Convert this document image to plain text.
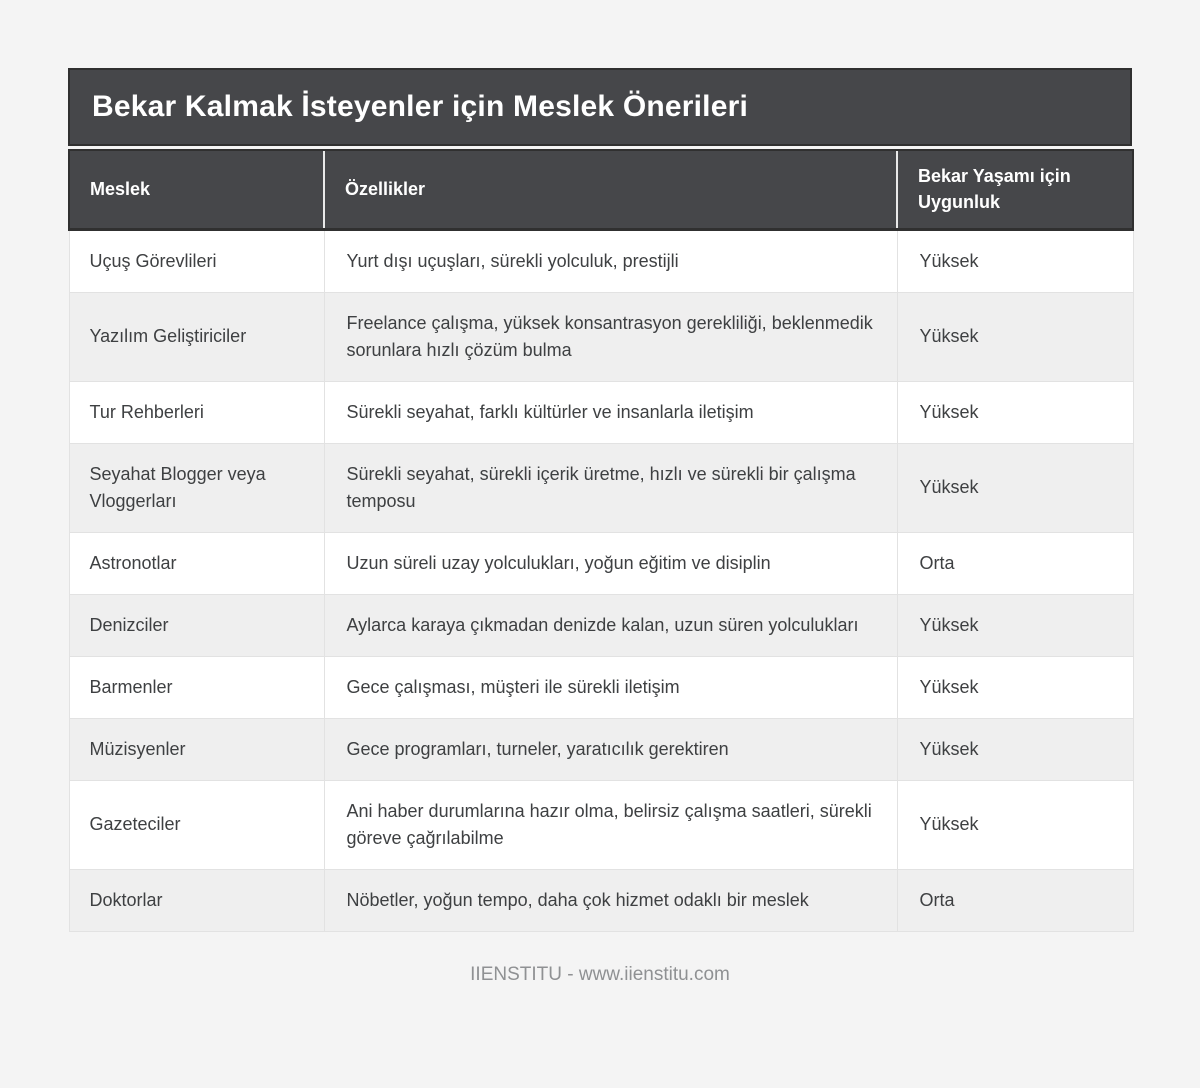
Bekar Kalmak İsteyenler için Meslek Önerileri
Meslek	Özellikler	Bekar Yaşamı için Uygunluk
Uçuş Görevlileri	Yurt dışı uçuşları, sürekli yolculuk, prestijli	Yüksek
Yazılım Geliştiriciler	Freelance çalışma, yüksek konsantrasyon gerekliliği, beklenmedik sorunlara hızlı çözüm bulma	Yüksek
Tur Rehberleri	Sürekli seyahat, farklı kültürler ve insanlarla iletişim	Yüksek
Seyahat Blogger veya Vloggerları	Sürekli seyahat, sürekli içerik üretme, hızlı ve sürekli bir çalışma temposu	Yüksek
Astronotlar	Uzun süreli uzay yolculukları, yoğun eğitim ve disiplin	Orta
Denizciler	Aylarca karaya çıkmadan denizde kalan, uzun süren yolculukları	Yüksek
Barmenler	Gece çalışması, müşteri ile sürekli iletişim	Yüksek
Müzisyenler	Gece programları, turneler, yaratıcılık gerektiren	Yüksek
Gazeteciler	Ani haber durumlarına hazır olma, belirsiz çalışma saatleri, sürekli göreve çağrılabilme	Yüksek
Doktorlar	Nöbetler, yoğun tempo, daha çok hizmet odaklı bir meslek	Orta
IIENSTITU - www.iienstitu.com
